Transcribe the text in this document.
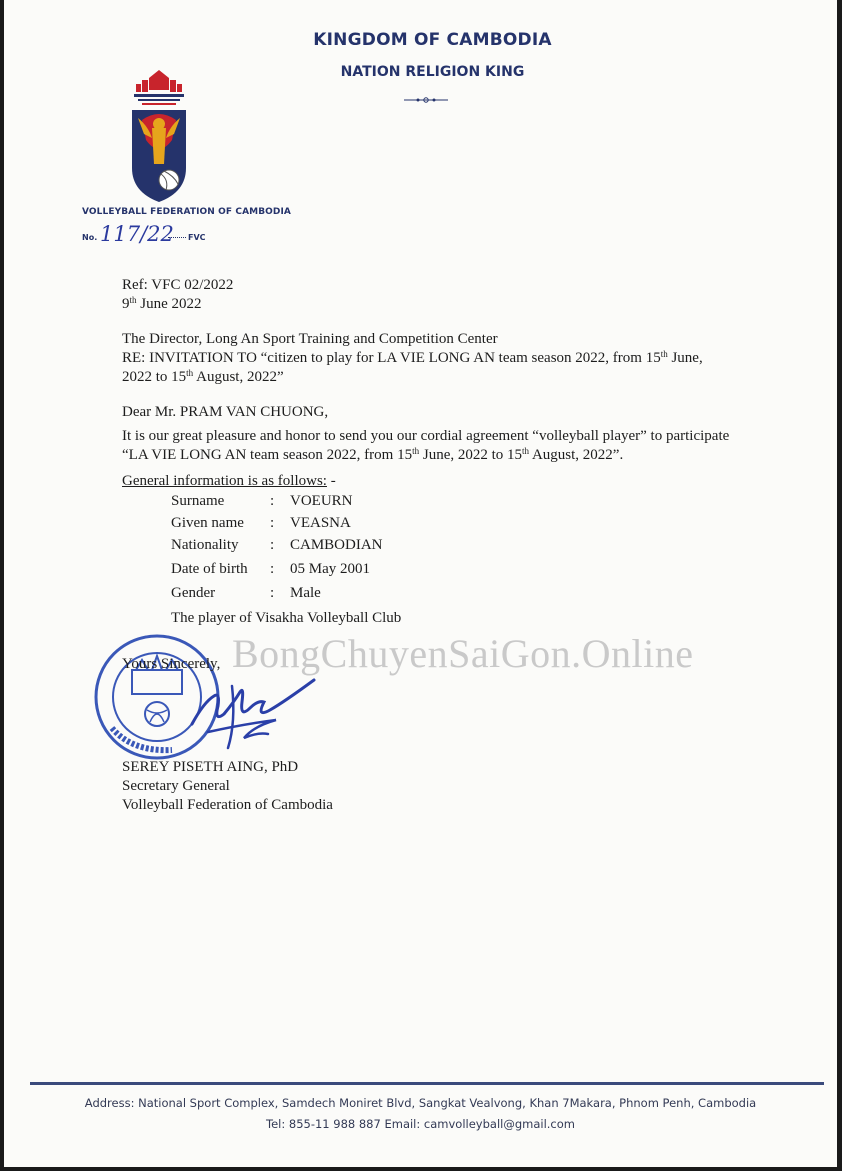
KINGDOM OF CAMBODIA
NATION RELIGION KING
VOLLEYBALL FEDERATION OF CAMBODIA
No. 117/22 FVC
Ref: VFC 02/2022
9th June 2022
The Director, Long An Sport Training and Competition Center
RE: INVITATION TO “citizen to play for LA VIE LONG AN team season 2022, from 15th June,
2022 to 15th August, 2022”
Dear Mr. PRAM VAN CHUONG,
It is our great pleasure and honor to send you our cordial agreement “volleyball player” to participate
“LA VIE LONG AN team season 2022, from 15th June, 2022 to 15th August, 2022”.
General information is as follows: -
Surname	: VOEURN
Given name : VEASNA
Nationality : CAMBODIAN
Date of birth : 05 May 2001
Gender	: Male
The player of Visakha Volleyball Club
BongChuyenSaiGon.Online
Yours Sincerely,
SEREY PISETH AING, PhD
Secretary General
Volleyball Federation of Cambodia
Address: National Sport Complex, Samdech Moniret Blvd, Sangkat Vealvong, Khan 7Makara, Phnom Penh, Cambodia
Tel: 855-11 988 887 Email: camvolleyball@gmail.com
